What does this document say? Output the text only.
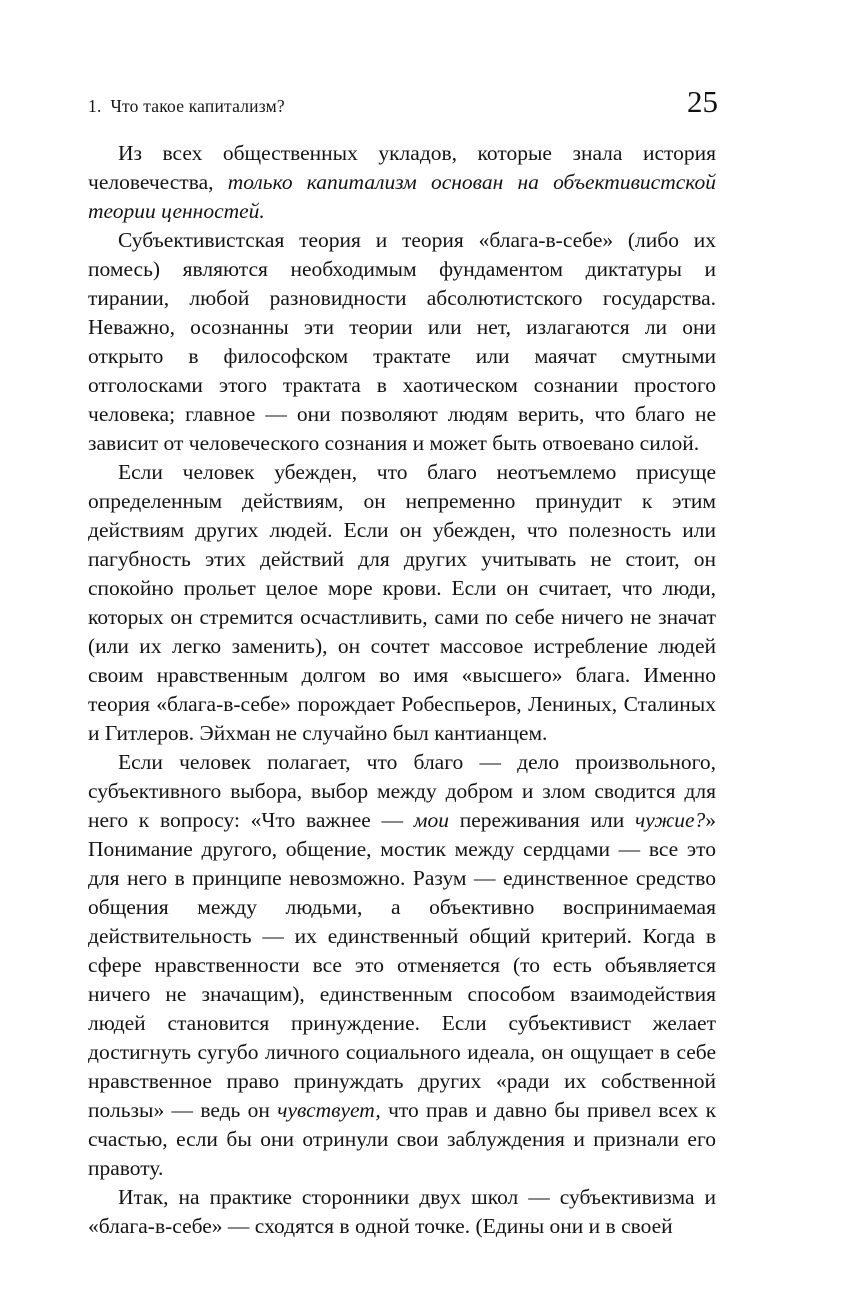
1. Что такое капитализм?	25

Из всех общественных укладов, которые знала история человечества, только капитализм основан на объективистской теории ценностей.

Субъективистская теория и теория «блага-в-себе» (либо их помесь) являются необходимым фундаментом диктатуры и тирании, любой разновидности абсолютистского государства. Неважно, осознанны эти теории или нет, излагаются ли они открыто в философском трактате или маячат смутными отголосками этого трактата в хаотическом сознании простого человека; главное — они позволяют людям верить, что благо не зависит от человеческого сознания и может быть отвоевано силой.

Если человек убежден, что благо неотъемлемо присуще определенным действиям, он непременно принудит к этим действиям других людей. Если он убежден, что полезность или пагубность этих действий для других учитывать не стоит, он спокойно прольет целое море крови. Если он считает, что люди, которых он стремится осчастливить, сами по себе ничего не значат (или их легко заменить), он сочтет массовое истребление людей своим нравственным долгом во имя «высшего» блага. Именно теория «блага-в-себе» порождает Робеспьеров, Лениных, Сталиных и Гитлеров. Эйхман не случайно был кантианцем.

Если человек полагает, что благо — дело произвольного, субъективного выбора, выбор между добром и злом сводится для него к вопросу: «Что важнее — мои переживания или чужие?» Понимание другого, общение, мостик между сердцами — все это для него в принципе невозможно. Разум — единственное средство общения между людьми, а объективно воспринимаемая действительность — их единственный общий критерий. Когда в сфере нравственности все это отменяется (то есть объявляется ничего не значащим), единственным способом взаимодействия людей становится принуждение. Если субъективист желает достигнуть сугубо личного социального идеала, он ощущает в себе нравственное право принуждать других «ради их собственной пользы» — ведь он чувствует, что прав и давно бы привел всех к счастью, если бы они отринули свои заблуждения и признали его правоту.

Итак, на практике сторонники двух школ — субъективизма и «блага-в-себе» — сходятся в одной точке. (Едины они и в своей
